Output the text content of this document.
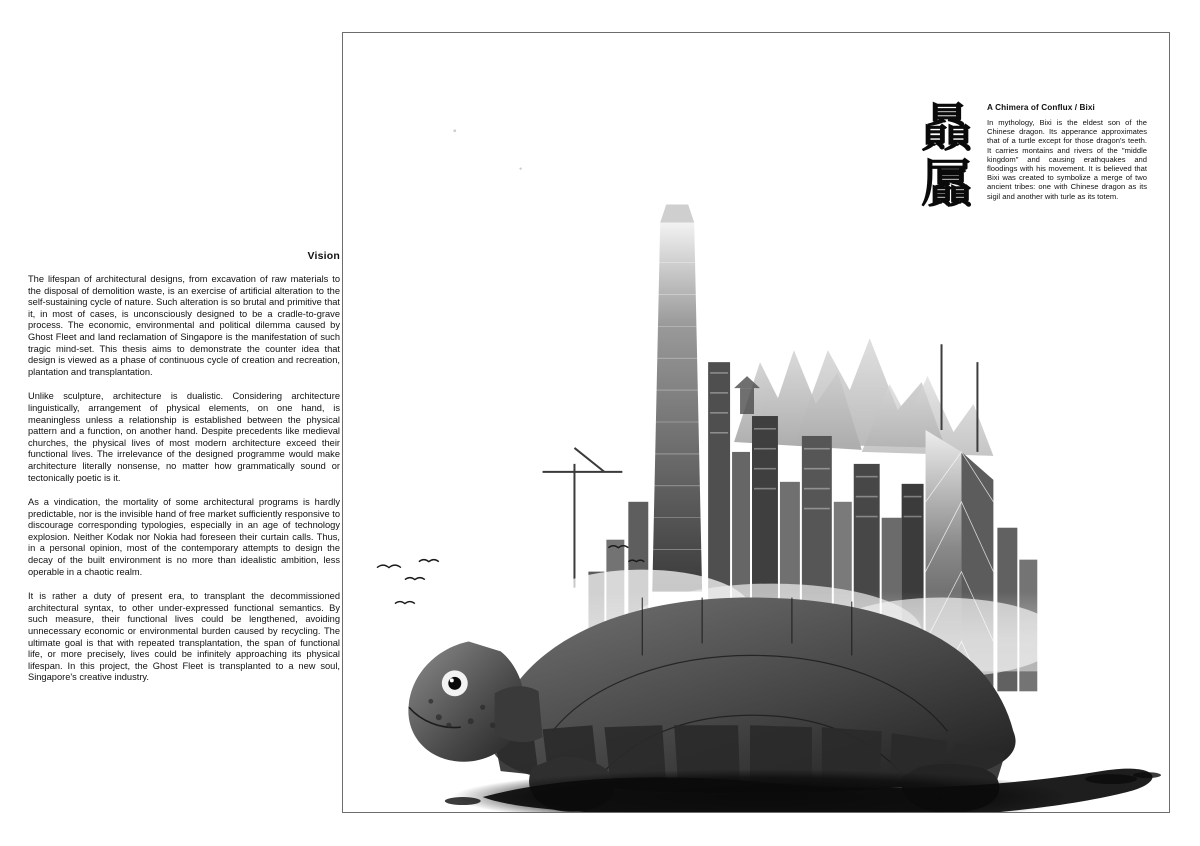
Vision

The lifespan of architectural designs, from excavation of raw materials to the disposal of demolition waste, is an exercise of artificial alteration to the self-sustaining cycle of nature. Such alteration is so brutal and primitive that it, in most of cases, is unconsciously designed to be a cradle-to-grave process. The economic, environmental and political dilemma caused by Ghost Fleet and land reclamation of Singapore is the manifestation of such tragic mind-set. This thesis aims to demonstrate the counter idea that design is viewed as a phase of continuous cycle of creation and recreation, plantation and transplantation.

Unlike sculpture, architecture is dualistic. Considering architecture linguistically, arrangement of physical elements, on one hand, is meaningless unless a relationship is established between the physical pattern and a function, on another hand. Despite precedents like medieval churches, the physical lives of most modern architecture exceed their functional lives. The irrelevance of the designed programme would make architecture literally nonsense, no matter how grammatically sound or tectonically poetic is it.

As a vindication, the mortality of some architectural programs is hardly predictable, nor is the invisible hand of free market sufficiently responsive to discourage corresponding typologies, especially in an age of technology explosion. Neither Kodak nor Nokia had foreseen their curtain calls. Thus, in a personal opinion, most of the contemporary attempts to design the decay of the built environment is no more than idealistic ambition, less operable in a chaotic realm.

It is rather a duty of present era, to transplant the decommissioned architectural syntax, to other under-expressed functional semantics. By such measure, their functional lives could be lengthened, avoiding unnecessary economic or environmental burden caused by recycling. The ultimate goal is that with repeated transplantation, the span of functional life, or more precisely, lives could be infinitely approaching its physical lifespan. In this project, the Ghost Fleet is transplanted to a new soul, Singapore's creative industry.

贔
屭
A Chimera of Conflux / Bixi

In mythology, Bixi is the eldest son of the Chinese dragon. Its apperance approximates that of a turtle except for those dragon's teeth. It carries montains and rivers of the "middle kingdom" and causing erathquakes and floodings with his movement. It is believed that Bixi was created to symbolize a merge of two ancient tribes: one with Chinese dragon as its sigil and another with turle as its totem.
